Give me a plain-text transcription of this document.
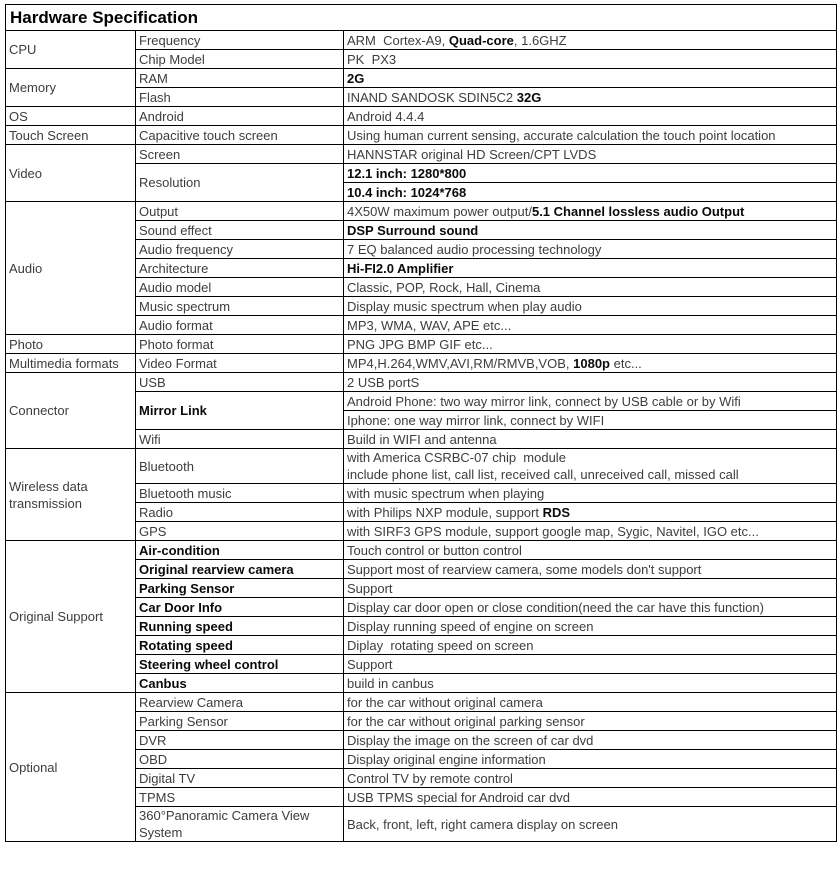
Hardware Specification		
CPU	Frequency	ARM  Cortex-A9, Quad-core, 1.6GHZ

	Chip Model	PK  PX3

Memory	RAM	2G

	Flash	INAND SANDOSK SDIN5C2 32G

OS	Android	Android 4.4.4

Touch Screen	Capacitive touch screen	Using human current sensing, accurate calculation the touch point location

Video	Screen	HANNSTAR original HD Screen/CPT LVDS

	Resolution	12.1 inch: 1280*800

		10.4 inch: 1024*768

Audio	Output	4X50W maximum power output/5.1 Channel lossless audio Output

	Sound effect	DSP Surround sound

	Audio frequency	7 EQ balanced audio processing technology

	Architecture	Hi-FI2.0 Amplifier

	Audio model	Classic, POP, Rock, Hall, Cinema

	Music spectrum	Display music spectrum when play audio

	Audio format	MP3, WMA, WAV, APE etc...

Photo	Photo format	PNG JPG BMP GIF etc...

Multimedia formats	Video Format	MP4,H.264,WMV,AVI,RM/RMVB,VOB, 1080p etc...

Connector	USB	2 USB portS

	Mirror Link	Android Phone: two way mirror link, connect by USB cable or by Wifi

		Iphone: one way mirror link, connect by WIFI

	Wifi	Build in WIFI and antenna

Wireless data transmission	Bluetooth	with America CSRBC-07 chip  module
include phone list, call list, received call, unreceived call, missed call

	Bluetooth music	with music spectrum when playing

	Radio	with Philips NXP module, support RDS

	GPS	with SIRF3 GPS module, support google map, Sygic, Navitel, IGO etc...

Original Support	Air-condition	Touch control or button control

	Original rearview camera	Support most of rearview camera, some models don't support

	Parking Sensor	Support

	Car Door Info	Display car door open or close condition(need the car have this function)

	Running speed	Display running speed of engine on screen

	Rotating speed	Diplay  rotating speed on screen

	Steering wheel control	Support

	Canbus	build in canbus

Optional	Rearview Camera	for the car without original camera

	Parking Sensor	for the car without original parking sensor

	DVR	Display the image on the screen of car dvd

	OBD	Display original engine information

	Digital TV	Control TV by remote control

	TPMS	USB TPMS special for Android car dvd

	360°Panoramic Camera View System	Back, front, left, right camera display on screen
